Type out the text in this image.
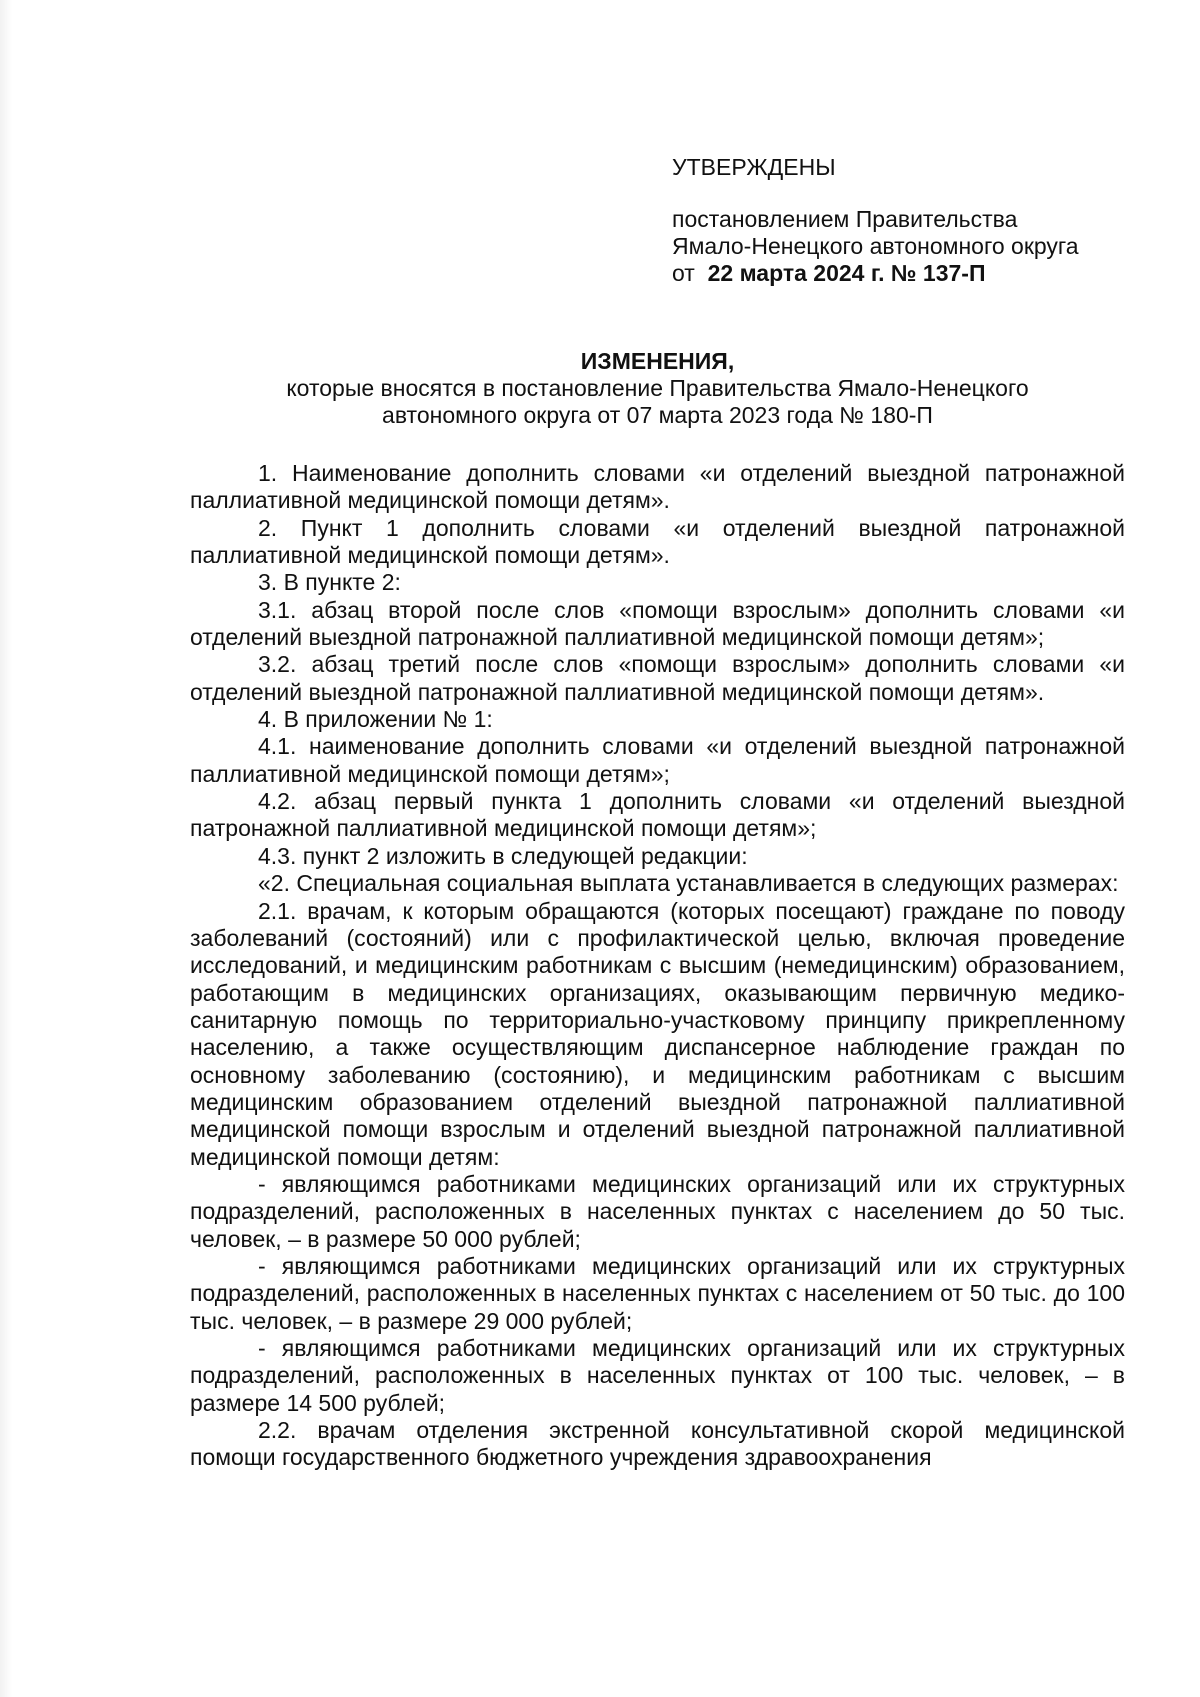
УТВЕРЖДЕНЫ

постановлением Правительства

Ямало-Ненецкого автономного округа

от 22 марта 2024 г. № 137-П

ИЗМЕНЕНИЯ,

которые вносятся в постановление Правительства Ямало-Ненецкого

автономного округа от 07 марта 2023 года № 180-П

1. Наименование дополнить словами «и отделений выездной патронажной паллиативной медицинской помощи детям».

2. Пункт 1 дополнить словами «и отделений выездной патронажной паллиативной медицинской помощи детям».

3. В пункте 2:

3.1. абзац второй после слов «помощи взрослым» дополнить словами «и отделений выездной патронажной паллиативной медицинской помощи детям»;

3.2. абзац третий после слов «помощи взрослым» дополнить словами «и отделений выездной патронажной паллиативной медицинской помощи детям».

4. В приложении № 1:

4.1. наименование дополнить словами «и отделений выездной патронажной паллиативной медицинской помощи детям»;

4.2. абзац первый пункта 1 дополнить словами «и отделений выездной патронажной паллиативной медицинской помощи детям»;

4.3. пункт 2 изложить в следующей редакции:

«2. Специальная социальная выплата устанавливается в следующих размерах:

2.1. врачам, к которым обращаются (которых посещают) граждане по поводу заболеваний (состояний) или с профилактической целью, включая проведение исследований, и медицинским работникам с высшим (немедицинским) образованием, работающим в медицинских организациях, оказывающим первичную медико-санитарную помощь по территориально-участковому принципу прикрепленному населению, а также осуществляющим диспансерное наблюдение граждан по основному заболеванию (состоянию), и медицинским работникам с высшим медицинским образованием отделений выездной патронажной паллиативной медицинской помощи взрослым и отделений выездной патронажной паллиативной медицинской помощи детям:

- являющимся работниками медицинских организаций или их структурных подразделений, расположенных в населенных пунктах с населением до 50 тыс. человек, – в размере 50 000 рублей;

- являющимся работниками медицинских организаций или их структурных подразделений, расположенных в населенных пунктах с населением от 50 тыс. до 100 тыс. человек, – в размере 29 000 рублей;

- являющимся работниками медицинских организаций или их структурных подразделений, расположенных в населенных пунктах от 100 тыс. человек, – в размере 14 500 рублей;

2.2. врачам отделения экстренной консультативной скорой медицинской помощи государственного бюджетного учреждения здравоохранения
